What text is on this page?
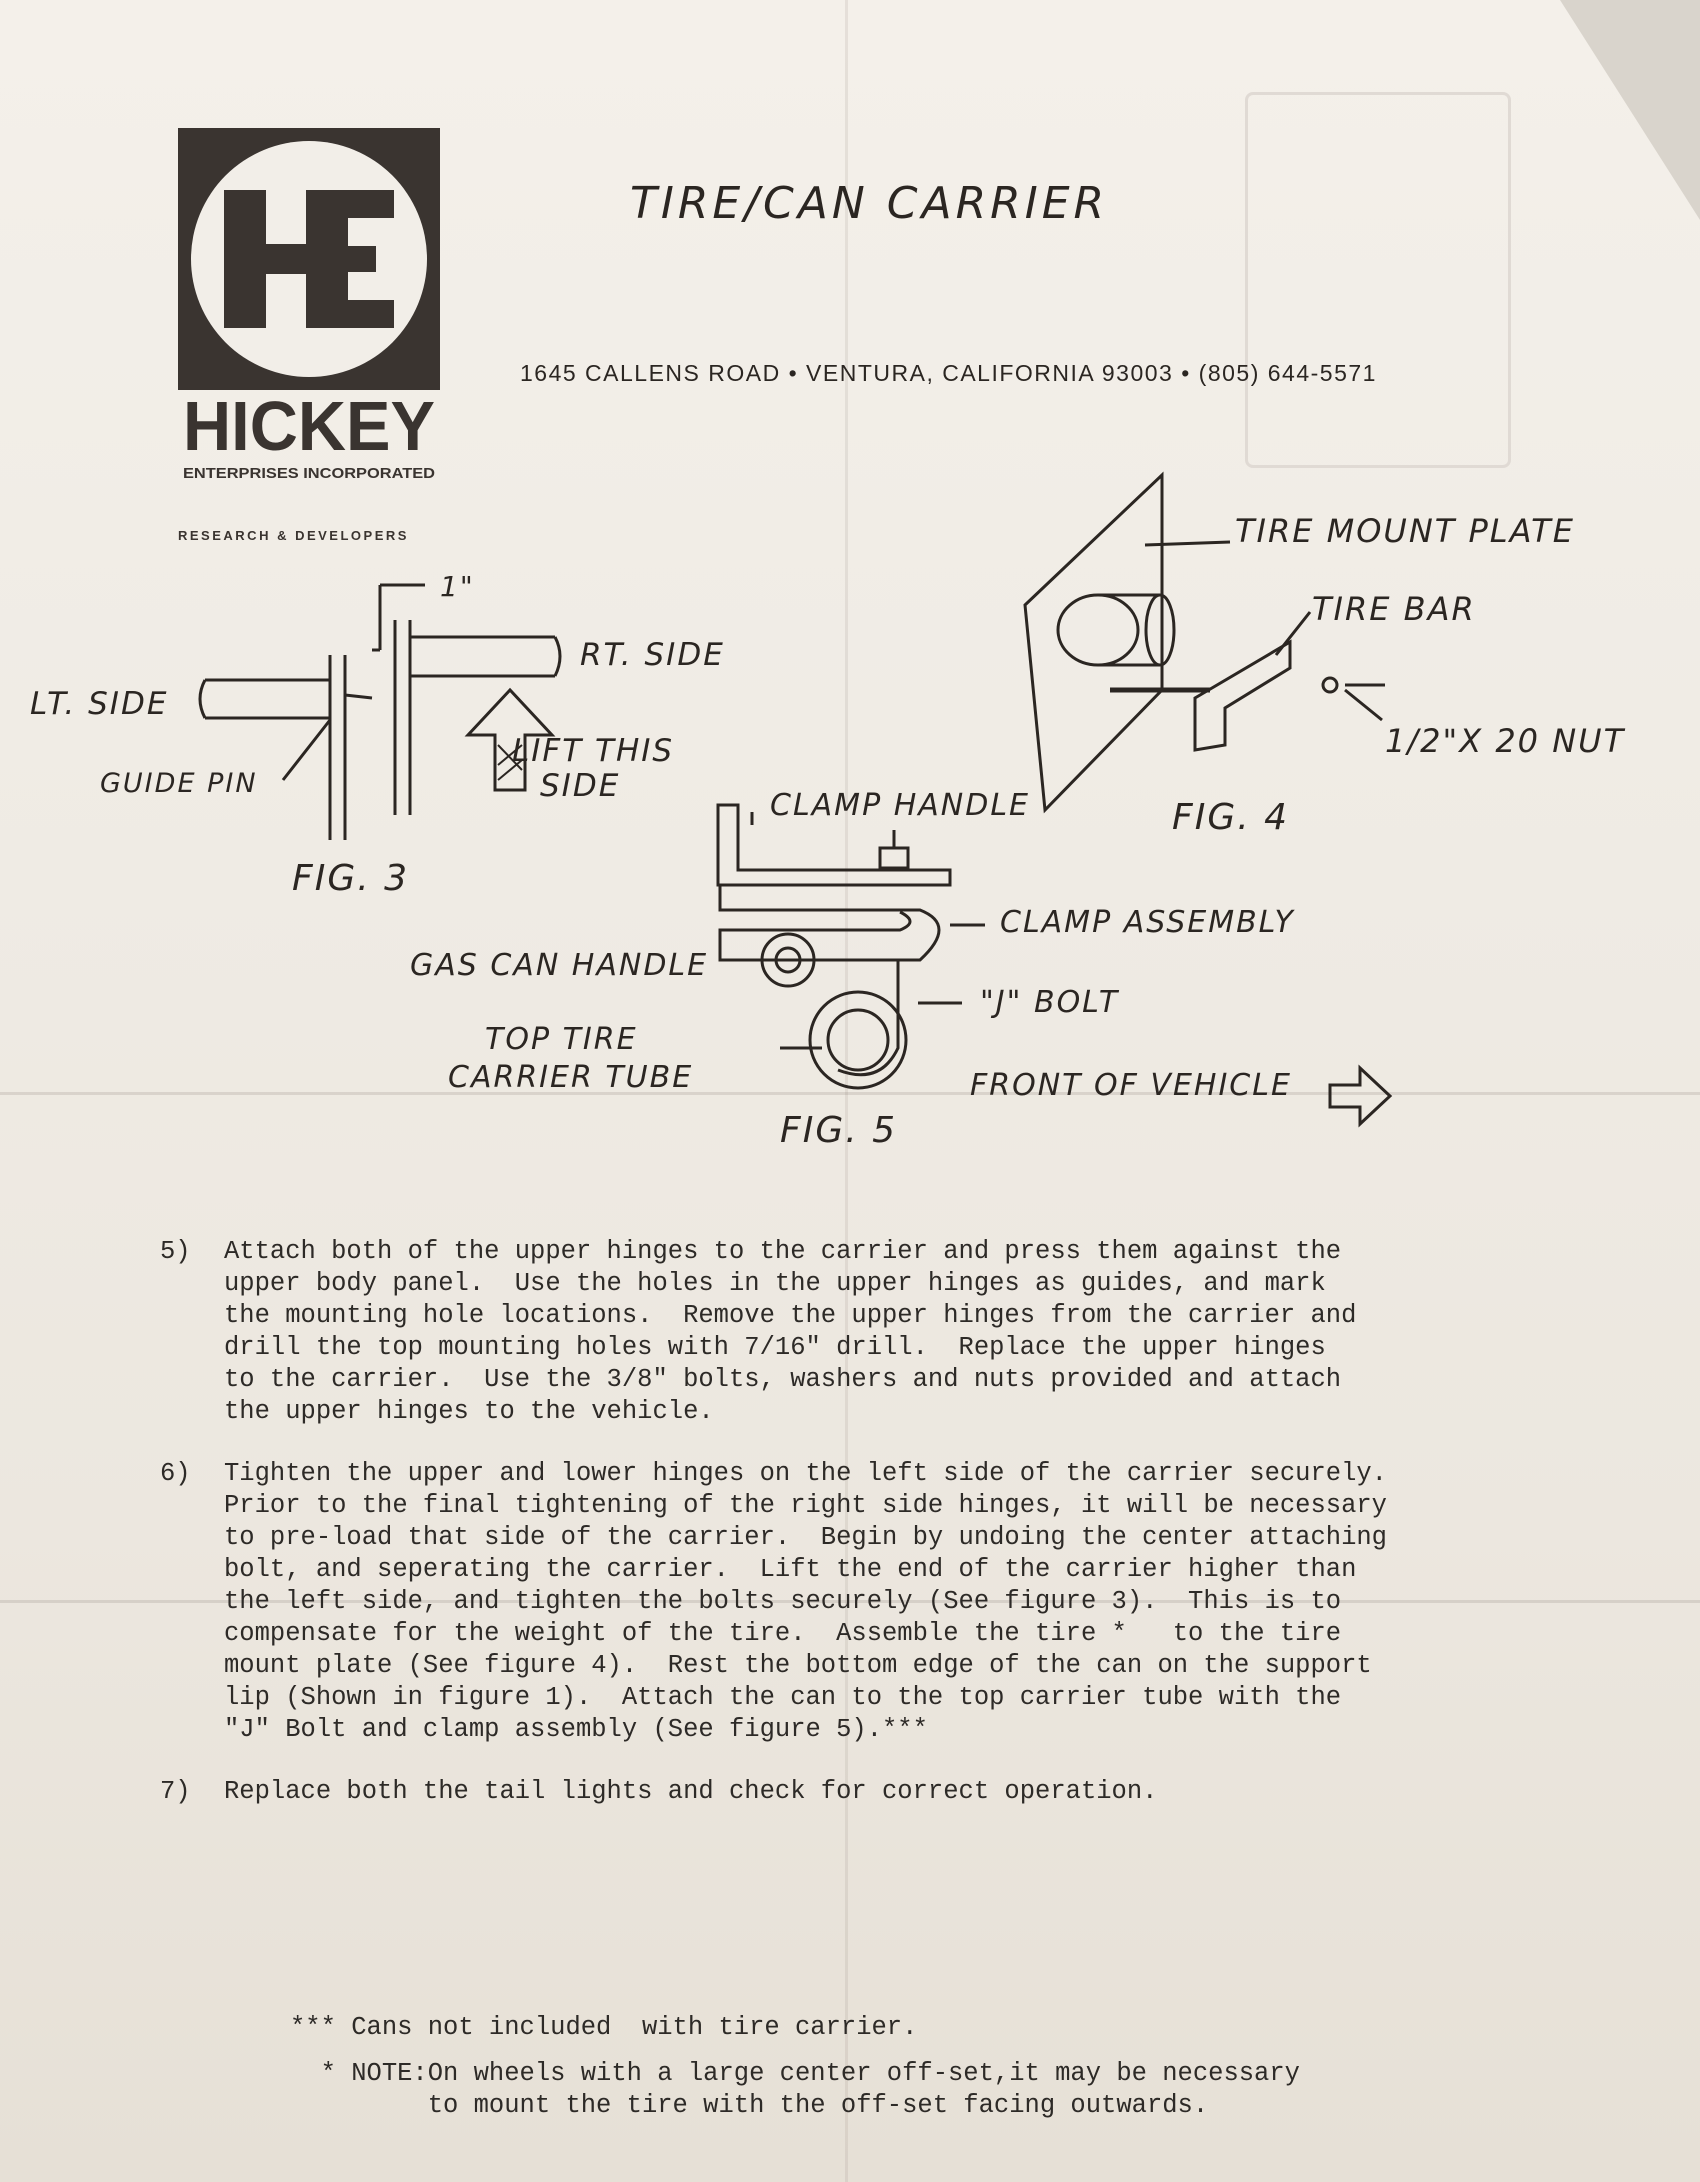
HICKEY
ENTERPRISES INCORPORATED
RESEARCH & DEVELOPERS
TIRE/CAN CARRIER
1645 CALLENS ROAD • VENTURA, CALIFORNIA 93003 • (805) 644-5571
1"
RT. SIDE
LT. SIDE
GUIDE PIN
LIFT THIS
SIDE
FIG. 3
TIRE MOUNT PLATE
TIRE BAR
1/2"X 20 NUT
FIG. 4
CLAMP HANDLE
CLAMP ASSEMBLY
GAS CAN HANDLE
"J" BOLT
TOP TIRE
CARRIER TUBE	FRONT OF VEHICLE
FIG. 5
5)	Attach both of the upper hinges to the carrier and press them against the
upper body panel.  Use the holes in the upper hinges as guides, and mark
the mounting hole locations.  Remove the upper hinges from the carrier and
drill the top mounting holes with 7/16" drill.  Replace the upper hinges
to the carrier.  Use the 3/8" bolts, washers and nuts provided and attach
the upper hinges to the vehicle.
6)	Tighten the upper and lower hinges on the left side of the carrier securely.
Prior to the final tightening of the right side hinges, it will be necessary
to pre-load that side of the carrier.  Begin by undoing the center attaching
bolt, and seperating the carrier.  Lift the end of the carrier higher than
the left side, and tighten the bolts securely (See figure 3).  This is to
compensate for the weight of the tire.  Assemble the tire *   to the tire
mount plate (See figure 4).  Rest the bottom edge of the can on the support
lip (Shown in figure 1).  Attach the can to the top carrier tube with the
"J" Bolt and clamp assembly (See figure 5).***
7)	Replace both the tail lights and check for correct operation.
*** Cans not included  with tire carrier.
* NOTE:On wheels with a large center off-set,it may be necessary
to mount the tire with the off-set facing outwards.
